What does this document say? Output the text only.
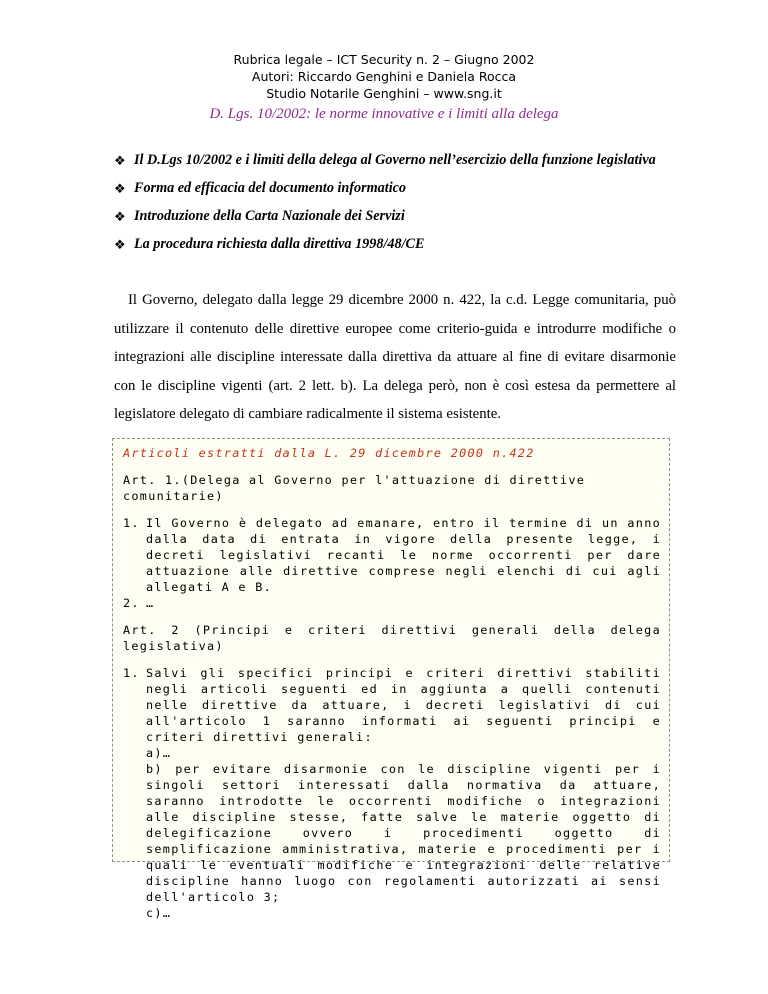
Rubrica legale – ICT Security n. 2 – Giugno 2002
Autori: Riccardo Genghini e Daniela Rocca
Studio Notarile Genghini – www.sng.it
D. Lgs. 10/2002: le norme innovative e i limiti alla delega
❖ Il D.Lgs 10/2002 e i limiti della delega al Governo nell’esercizio della funzione legislativa
❖ Forma ed efficacia del documento informatico
❖ Introduzione della Carta Nazionale dei Servizi
❖ La procedura richiesta dalla direttiva 1998/48/CE

Il Governo, delegato dalla legge 29 dicembre 2000 n. 422, la c.d. Legge comunitaria, può utilizzare il contenuto delle direttive europee come criterio-guida e introdurre modifiche o integrazioni alle discipline interessate dalla direttiva da attuare al fine di evitare disarmonie con le discipline vigenti (art. 2 lett. b). La delega però, non è così estesa da permettere al legislatore delegato di cambiare radicalmente il sistema esistente.

Articoli estratti dalla L. 29 dicembre 2000 n.422

Art. 1.(Delega al Governo per l'attuazione di direttive comunitarie)

1. Il Governo è delegato ad emanare, entro il termine di un anno dalla data di entrata in vigore della presente legge, i decreti legislativi recanti le norme occorrenti per dare attuazione alle direttive comprese negli elenchi di cui agli allegati A e B.
2. …

Art. 2 (Principi e criteri direttivi generali della delega
legislativa)

1. Salvi gli specifici principi e criteri direttivi stabiliti negli articoli seguenti ed in aggiunta a quelli contenuti nelle direttive da attuare, i decreti legislativi di cui all'articolo 1 saranno informati ai seguenti principi e criteri direttivi generali:
a)…
b) per evitare disarmonie con le discipline vigenti per i singoli settori interessati dalla normativa da attuare, saranno introdotte le occorrenti modifiche o integrazioni alle discipline stesse, fatte salve le materie oggetto di delegificazione ovvero i procedimenti oggetto di semplificazione amministrativa, materie e procedimenti per i quali le eventuali modifiche e integrazioni delle relative discipline hanno luogo con regolamenti autorizzati ai sensi dell'articolo 3;
c)…
